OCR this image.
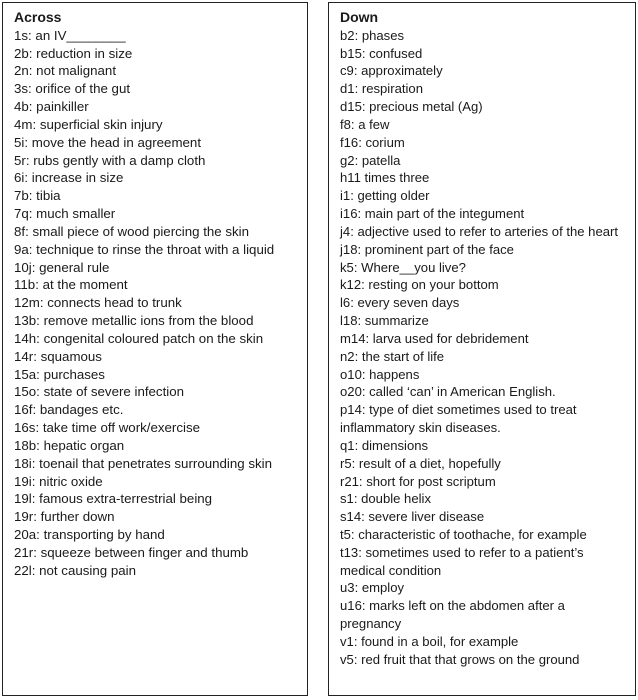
Across
1s: an IV________
2b: reduction in size
2n: not malignant
3s: orifice of the gut
4b: painkiller
4m: superficial skin injury
5i: move the head in agreement
5r: rubs gently with a damp cloth
6i: increase in size
7b: tibia
7q: much smaller
8f: small piece of wood piercing the skin
9a: technique to rinse the throat with a liquid
10j: general rule
11b: at the moment
12m: connects head to trunk
13b: remove metallic ions from the blood
14h: congenital coloured patch on the skin
14r: squamous
15a: purchases
15o: state of severe infection
16f: bandages etc.
16s: take time off work/exercise
18b: hepatic organ
18i: toenail that penetrates surrounding skin
19i: nitric oxide
19l: famous extra-terrestrial being
19r: further down
20a: transporting by hand
21r: squeeze between finger and thumb
22l: not causing pain
Down
b2: phases
b15: confused
c9: approximately
d1: respiration
d15: precious metal (Ag)
f8: a few
f16: corium
g2: patella
h11 times three
i1: getting older
i16: main part of the integument
j4: adjective used to refer to arteries of the heart
j18: prominent part of the face
k5: Where__you live?
k12: resting on your bottom
l6: every seven days
l18: summarize
m14: larva used for debridement
n2: the start of life
o10: happens
o20: called ‘can’ in American English.
p14: type of diet sometimes used to treat
inflammatory skin diseases.
q1: dimensions
r5: result of a diet, hopefully
r21: short for post scriptum
s1: double helix
s14: severe liver disease
t5: characteristic of toothache, for example
t13: sometimes used to refer to a patient’s
medical condition
u3: employ
u16: marks left on the abdomen after a
pregnancy
v1: found in a boil, for example
v5: red fruit that that grows on the ground
